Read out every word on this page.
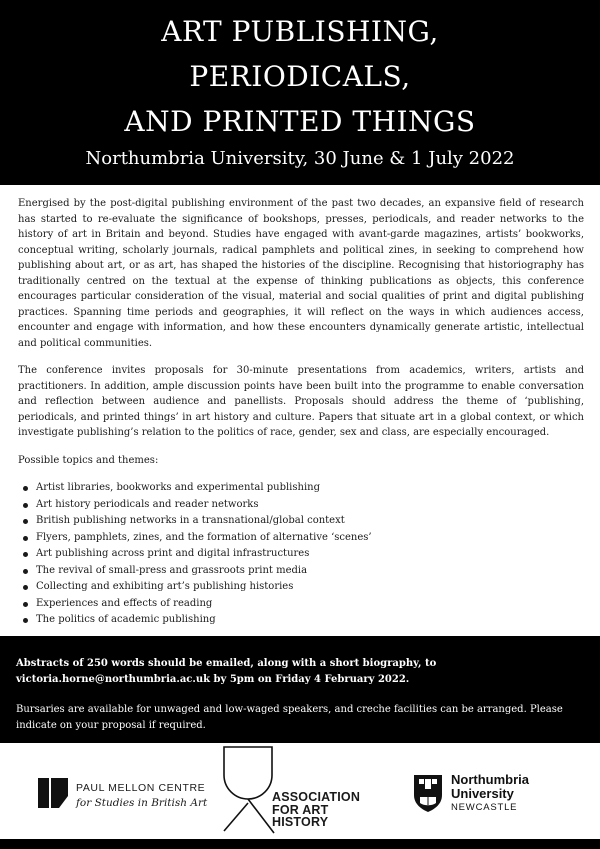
ART PUBLISHING,
PERIODICALS,
AND PRINTED THINGS
Northumbria University, 30 June & 1 July 2022

Energised by the post-digital publishing environment of the past two decades, an expansive field of research has started to re-evaluate the significance of bookshops, presses, periodicals, and reader networks to the history of art in Britain and beyond. Studies have engaged with avant-garde magazines, artists’ bookworks, conceptual writing, scholarly journals, radical pamphlets and political zines, in seeking to comprehend how publishing about art, or as art, has shaped the histories of the discipline. Recognising that historiography has traditionally centred on the textual at the expense of thinking publications as objects, this conference encourages particular consideration of the visual, material and social qualities of print and digital publishing practices. Spanning time periods and geographies, it will reflect on the ways in which audiences access, encounter and engage with information, and how these encounters dynamically generate artistic, intellectual and political communities.

The conference invites proposals for 30-minute presentations from academics, writers, artists and practitioners. In addition, ample discussion points have been built into the programme to enable conversation and reflection between audience and panellists. Proposals should address the theme of ‘publishing, periodicals, and printed things’ in art history and culture. Papers that situate art in a global context, or which investigate publishing’s relation to the politics of race, gender, sex and class, are especially encouraged.

Possible topics and themes:

Artist libraries, bookworks and experimental publishing
Art history periodicals and reader networks
British publishing networks in a transnational/global context
Flyers, pamphlets, zines, and the formation of alternative ‘scenes’
Art publishing across print and digital infrastructures
The revival of small-press and grassroots print media
Collecting and exhibiting art’s publishing histories
Experiences and effects of reading
The politics of academic publishing
Abstracts of 250 words should be emailed, along with a short biography, to victoria.horne@northumbria.ac.uk by 5pm on Friday 4 February 2022.
Bursaries are available for unwaged and low-waged speakers, and creche facilities can be arranged. Please indicate on your proposal if required.
PAUL MELLON CENTRE
for Studies in British Art	ASSOCIATION
FOR ART
HISTORY
Northumbria
University
NEWCASTLE
